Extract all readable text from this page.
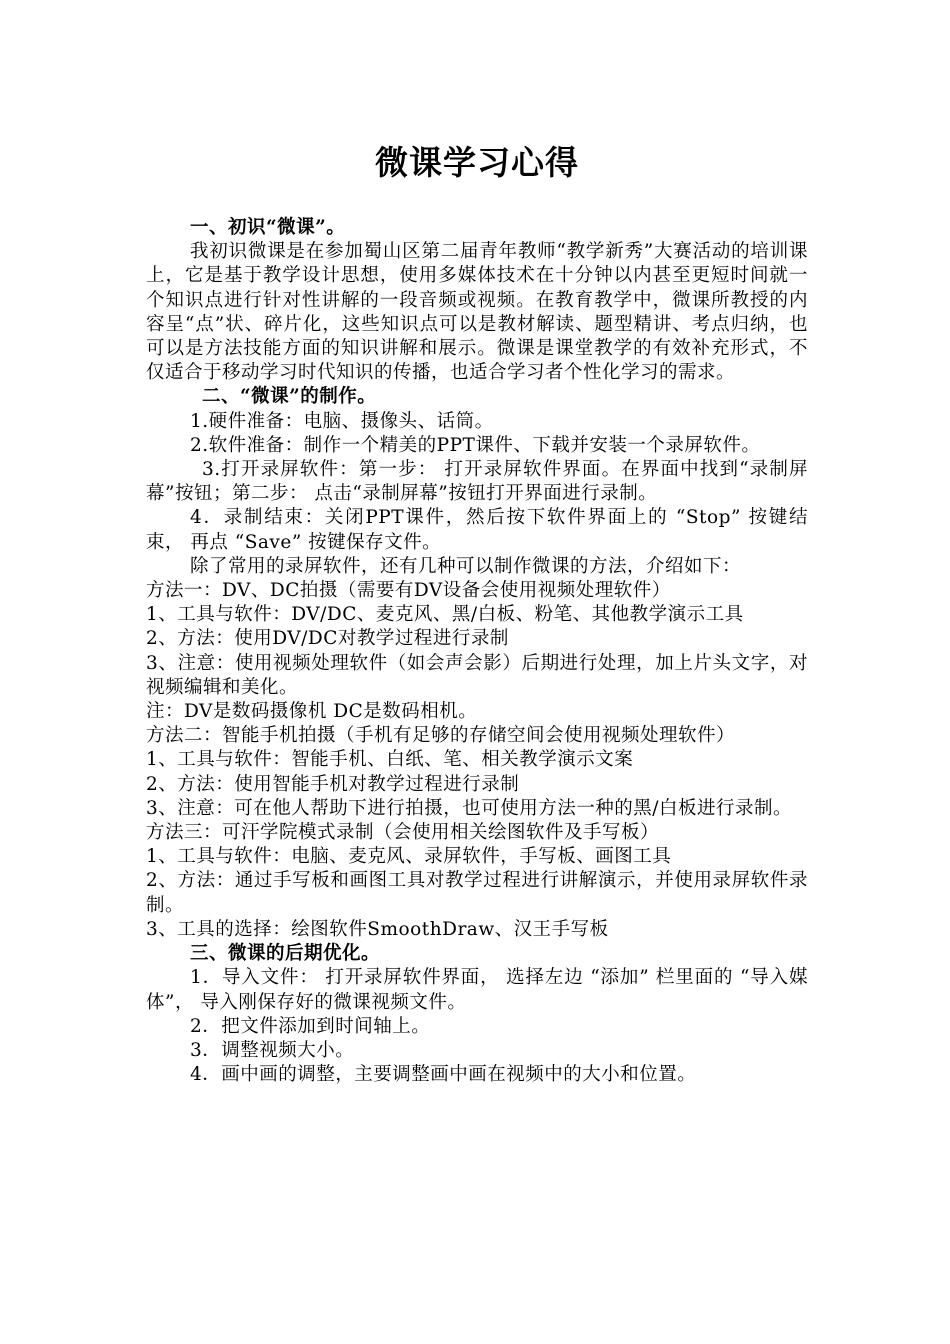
微课学习心得

一、初识“微课”。

我初识微课是在参加蜀山区第二届青年教师“教学新秀”大赛活动的培训课上，它是基于教学设计思想，使用多媒体技术在十分钟以内甚至更短时间就一个知识点进行针对性讲解的一段音频或视频。在教育教学中，微课所教授的内容呈“点”状、碎片化，这些知识点可以是教材解读、题型精讲、考点归纳，也可以是方法技能方面的知识讲解和展示。微课是课堂教学的有效补充形式，不仅适合于移动学习时代知识的传播，也适合学习者个性化学习的需求。

二、“微课”的制作。

1.硬件准备：电脑、摄像头、话筒。

2.软件准备：制作一个精美的PPT课件、下载并安装一个录屏软件。

3.打开录屏软件：第一步： 打开录屏软件界面。在界面中找到“录制屏幕”按钮；第二步： 点击“录制屏幕”按钮打开界面进行录制。

4．录制结束：关闭PPT课件，然后按下软件界面上的 “Stop” 按键结束， 再点 “Save” 按键保存文件。

除了常用的录屏软件，还有几种可以制作微课的方法，介绍如下：

方法一：DV、DC拍摄（需要有DV设备会使用视频处理软件）

1、工具与软件：DV/DC、麦克风、黑/白板、粉笔、其他教学演示工具

2、方法：使用DV/DC对教学过程进行录制

3、注意：使用视频处理软件（如会声会影）后期进行处理，加上片头文字，对视频编辑和美化。

注：DV是数码摄像机 DC是数码相机。

方法二：智能手机拍摄（手机有足够的存储空间会使用视频处理软件）

1、工具与软件：智能手机、白纸、笔、相关教学演示文案

2、方法：使用智能手机对教学过程进行录制

3、注意：可在他人帮助下进行拍摄，也可使用方法一种的黑/白板进行录制。

方法三：可汗学院模式录制（会使用相关绘图软件及手写板）

1、工具与软件：电脑、麦克风、录屏软件，手写板、画图工具

2、方法：通过手写板和画图工具对教学过程进行讲解演示，并使用录屏软件录制。

3、工具的选择：绘图软件SmoothDraw、汉王手写板

三、微课的后期优化。

1．导入文件： 打开录屏软件界面， 选择左边 “添加” 栏里面的 “导入媒体”， 导入刚保存好的微课视频文件。

2．把文件添加到时间轴上。

3．调整视频大小。

4．画中画的调整，主要调整画中画在视频中的大小和位置。
